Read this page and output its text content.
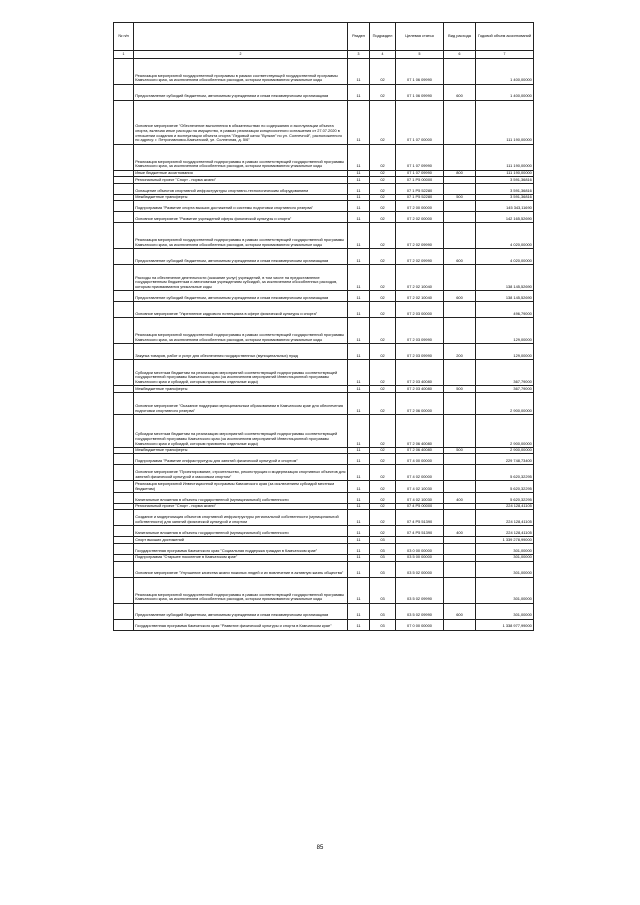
№ п/п		Раздел	Подраздел	Целевая статья	Вид расхода	Годовой объем ассигнований
1	2	3	4	5	6	7
	Реализация мероприятий государственной программы в рамках соответствующей государственной программы Камчатского края, за исключением обособленных расходов, которым присваиваются уникальные коды	11	02	07 1 06 09990		1 400,00000
	Предоставление субсидий бюджетным, автономным учреждениям и иным некоммерческим организациям	11	02	07 1 06 09990	600	1 400,00000
	Основное мероприятие "Обеспечение выполнения в обязательствах по содержанию и эксплуатации объекта спорта, включая иные расходы на имущество, в рамках реализации концессионного соглашения от 27.07.2020 в отношении создания и эксплуатации объекта спорта "Ледовый каток "Вулкан" по ул. Солнечной", расположенного по адресу: г. Петропавловск-Камчатский, ул. Солнечная, д. 5/6"	11	02	07 1 07 00000		111 190,00000
	Реализация мероприятий государственной подпрограммы в рамках соответствующей государственной программы Камчатского края, за исключением обособленных расходов, которым присваиваются уникальные коды	11	02	07 1 07 09990		111 190,00000
	Иные бюджетные ассигнования	11	02	07 1 07 09990	800	111 190,00000
	Региональный проект "Спорт - норма жизни"	11	02	07 1 P5 00000		3 591,36816
	Оснащение объектов спортивной инфраструктуры спортивно-технологическим оборудованием	11	02	07 1 P5 52280		3 591,36816
	Межбюджетные трансферты	11	02	07 1 P5 52280	500	3 591,36816
	Подпрограмма "Развитие спорта высших достижений и системы подготовки спортивного резерва"	11	02	07 2 00 00000		145 343,11690
	Основное мероприятие "Развитие учреждений сферы физической культуры и спорта"	11	02	07 2 02 00000		142 165,52690
	Реализация мероприятий государственной подпрограммы в рамках соответствующей государственной программы Камчатского края, за исключением обособленных расходов, которым присваиваются уникальные коды	11	02	07 2 02 09990		4 020,00000
	Предоставление субсидий бюджетным, автономным учреждениям и иным некоммерческим организациям	11	02	07 2 02 09990	600	4 020,00000
	Расходы на обеспечение деятельности (оказание услуг) учреждений, в том числе на предоставление государственным бюджетным и автономным учреждениям субсидий, за исключением обособленных расходов, которым присваиваются уникальные коды	11	02	07 2 02 10040		138 145,52690
	Предоставление субсидий бюджетным, автономным учреждениям и иным некоммерческим организациям	11	02	07 2 02 10040	600	138 145,52690
	Основное мероприятие "Укрепление кадрового потенциала в сфере физической культуры и спорта"	11	02	07 2 03 00000		496,79000
	Реализация мероприятий государственной подпрограммы в рамках соответствующей государственной программы Камчатского края, за исключением обособленных расходов, которым присваиваются уникальные коды	11	02	07 2 03 09990		129,00000
	Закупка товаров, работ и услуг для обеспечения государственных (муниципальных) нужд	11	02	07 2 03 09990	200	129,00000
	Субсидии местным бюджетам на реализацию мероприятий соответствующей подпрограммы соответствующей государственной программы Камчатского края (за исключением мероприятий Инвестиционной программы Камчатского края и субсидий, которым присвоены отдельные коды)	11	02	07 2 03 40080		367,79000
	Межбюджетные трансферты	11	02	07 2 03 40080	500	367,79000
	Основное мероприятие "Оказание поддержки муниципальным образованиям в Камчатском крае для обеспечения подготовки спортивного резерва"	11	02	07 2 06 00000		2 900,00000
	Субсидии местным бюджетам на реализацию мероприятий соответствующей подпрограммы соответствующей государственной программы Камчатского края (за исключением мероприятий Инвестиционной программы Камчатского края и субсидий, которым присвоены отдельные коды)	11	02	07 2 06 40080		2 900,00000
	Межбюджетные трансферты	11	02	07 2 06 40080	500	2 900,00000
	Подпрограмма "Развитие инфраструктуры для занятий физической культурой и спортом"	11	02	07 4 00 00000		229 748,73400
	Основное мероприятие "Проектирование, строительство, реконструкция и модернизация спортивных объектов для занятий физической культурой и массовым спортом"	11	02	07 4 02 00000		5 620,32295
	Реализация мероприятий Инвестиционной программы Камчатского края (за исключением субсидий местным бюджетам)	11	02	07 4 02 10030		5 620,32295
	Капитальные вложения в объекты государственной (муниципальной) собственности	11	02	07 4 02 10030	400	5 620,32295
	Региональный проект "Спорт - норма жизни"	11	02	07 4 P5 00000		224 128,41105
	Создание и модернизация объектов спортивной инфраструктуры региональной собственности (муниципальной собственности) для занятий физической культурой и спортом	11	02	07 4 P5 51390		224 128,41105
	Капитальные вложения в объекты государственной (муниципальной) собственности	11	02	07 4 P5 51390	400	224 128,41105
	Спорт высших достижений	11	03			1 339 278,99000
	Государственная программа Камчатского края "Социальная поддержка граждан в Камчатском крае"	11	03	03 0 00 00000		301,00000
	Подпрограмма "Старшее поколение в Камчатском крае"	11	03	03 5 00 00000		301,00000
	Основное мероприятие "Улучшение качества жизни пожилых людей и их вовлечение в активную жизнь общества"	11	03	03 5 02 00000		301,00000
	Реализация мероприятий государственной подпрограммы в рамках соответствующей государственной программы Камчатского края, за исключением обособленных расходов, которым присваиваются уникальные коды	11	03	03 5 02 09990		301,00000
	Предоставление субсидий бюджетным, автономным учреждениям и иным некоммерческим организациям	11	03	03 5 02 09990	600	301,00000
	Государственная программа Камчатского края "Развитие физической культуры и спорта в Камчатском крае"	11	03	07 0 00 00000		1 338 977,99000
85
